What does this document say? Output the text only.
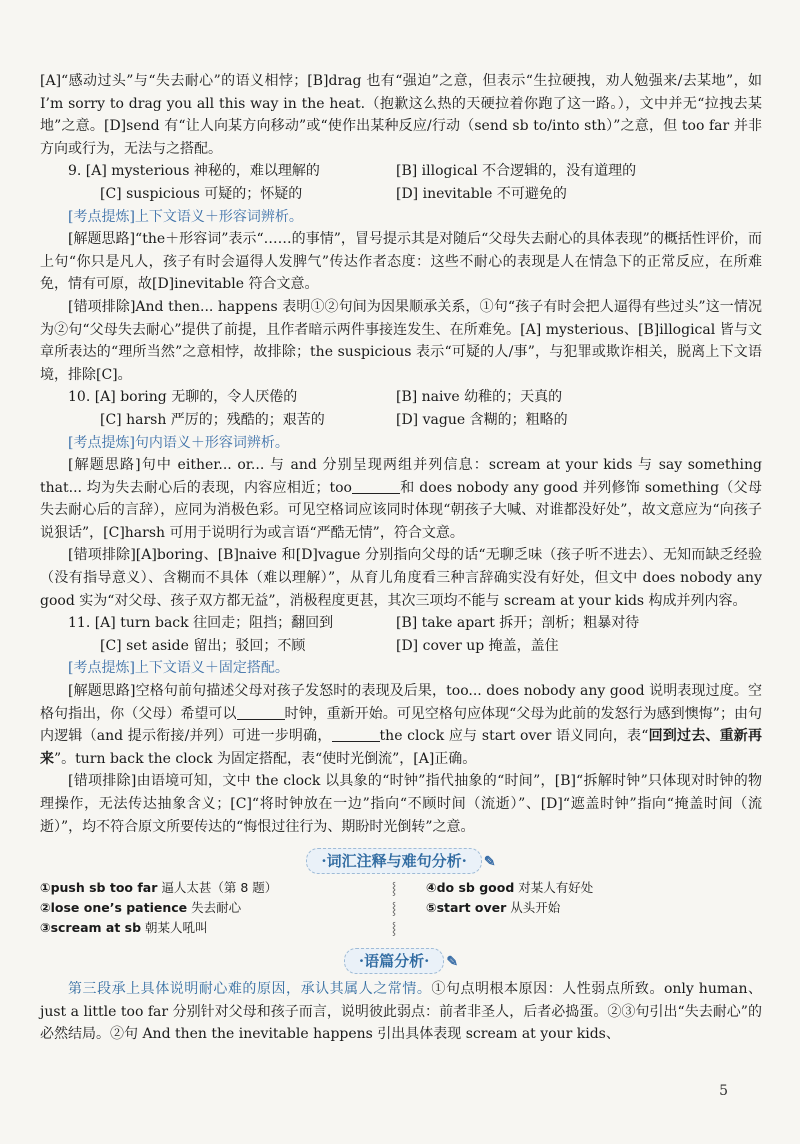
[A]“感动过头”与“失去耐心”的语义相悖；[B]drag 也有“强迫”之意，但表示“生拉硬拽，劝人勉强来/去某地”，如 I’m sorry to drag you all this way in the heat.（抱歉这么热的天硬拉着你跑了这一路。），文中并无“拉拽去某地”之意。[D]send 有“让人向某方向移动”或“使作出某种反应/行动（send sb to/into sth）”之意，但 too far 并非方向或行为，无法与之搭配。

9. [A] mysterious 神秘的，难以理解的	[B] illogical 不合逻辑的，没有道理的
[C] suspicious 可疑的；怀疑的	[D] inevitable 不可避免的

[考点提炼]上下文语义＋形容词辨析。

[解题思路]“the＋形容词”表示“……的事情”，冒号提示其是对随后“父母失去耐心的具体表现”的概括性评价，而上句“你只是凡人，孩子有时会逼得人发脾气”传达作者态度：这些不耐心的表现是人在情急下的正常反应，在所难免，情有可原，故[D]inevitable 符合文意。

[错项排除]And then... happens 表明①②句间为因果顺承关系，①句“孩子有时会把人逼得有些过头”这一情况为②句“父母失去耐心”提供了前提，且作者暗示两件事接连发生、在所难免。[A] mysterious、[B]illogical 皆与文章所表达的“理所当然”之意相悖，故排除；the suspicious 表示“可疑的人/事”，与犯罪或欺诈相关，脱离上下文语境，排除[C]。

10. [A] boring 无聊的，令人厌倦的	[B] naive 幼稚的；天真的
[C] harsh 严厉的；残酷的；艰苦的	[D] vague 含糊的；粗略的

[考点提炼]句内语义＋形容词辨析。

[解题思路]句中 either... or... 与 and 分别呈现两组并列信息：scream at your kids 与 say something that... 均为失去耐心后的表现，内容应相近；too	和 does nobody any good 并列修饰 something（父母失去耐心后的言辞），应同为消极色彩。可见空格词应该同时体现“朝孩子大喊、对谁都没好处”，故文意应为“向孩子说狠话”，[C]harsh 可用于说明行为或言语“严酷无情”，符合文意。

[错项排除][A]boring、[B]naive 和[D]vague 分别指向父母的话“无聊乏味（孩子听不进去）、无知而缺乏经验（没有指导意义）、含糊而不具体（难以理解）”，从育儿角度看三种言辞确实没有好处，但文中 does nobody any good 实为“对父母、孩子双方都无益”，消极程度更甚，其次三项均不能与 scream at your kids 构成并列内容。

11. [A] turn back 往回走；阻挡；翻回到	[B] take apart 拆开；剖析；粗暴对待
[C] set aside 留出；驳回；不顾	[D] cover up 掩盖，盖住

[考点提炼]上下文语义＋固定搭配。

[解题思路]空格句前句描述父母对孩子发怒时的表现及后果，too... does nobody any good 说明表现过度。空格句指出，你（父母）希望可以	时钟，重新开始。可见空格句应体现“父母为此前的发怒行为感到懊悔”；由句内逻辑（and 提示衔接/并列）可进一步明确，	the clock 应与 start over 语义同向，表“回到过去、重新再来”。turn back the clock 为固定搭配，表“使时光倒流”，[A]正确。

[错项排除]由语境可知，文中 the clock 以具象的“时钟”指代抽象的“时间”，[B]“拆解时钟”只体现对时钟的物理操作，无法传达抽象含义；[C]“将时钟放在一边”指向“不顾时间（流逝）”、[D]“遮盖时钟”指向“掩盖时间（流逝）”，均不符合原文所要传达的“悔恨过往行为、期盼时光倒转”之意。

·词汇注释与难句分析· ✎
①push sb too far 逼人太甚（第 8 题）
②lose one’s patience 失去耐心
③scream at sb 朝某人吼叫
⸾
⸾
⸾
④do sb good 对某人有好处
⑤start over 从头开始
·语篇分析· ✎

第三段承上具体说明耐心难的原因，承认其属人之常情。①句点明根本原因：人性弱点所致。only human、just a little too far 分别针对父母和孩子而言，说明彼此弱点：前者非圣人，后者必捣蛋。②③句引出“失去耐心”的必然结局。②句 And then the inevitable happens 引出具体表现 scream at your kids、

5
